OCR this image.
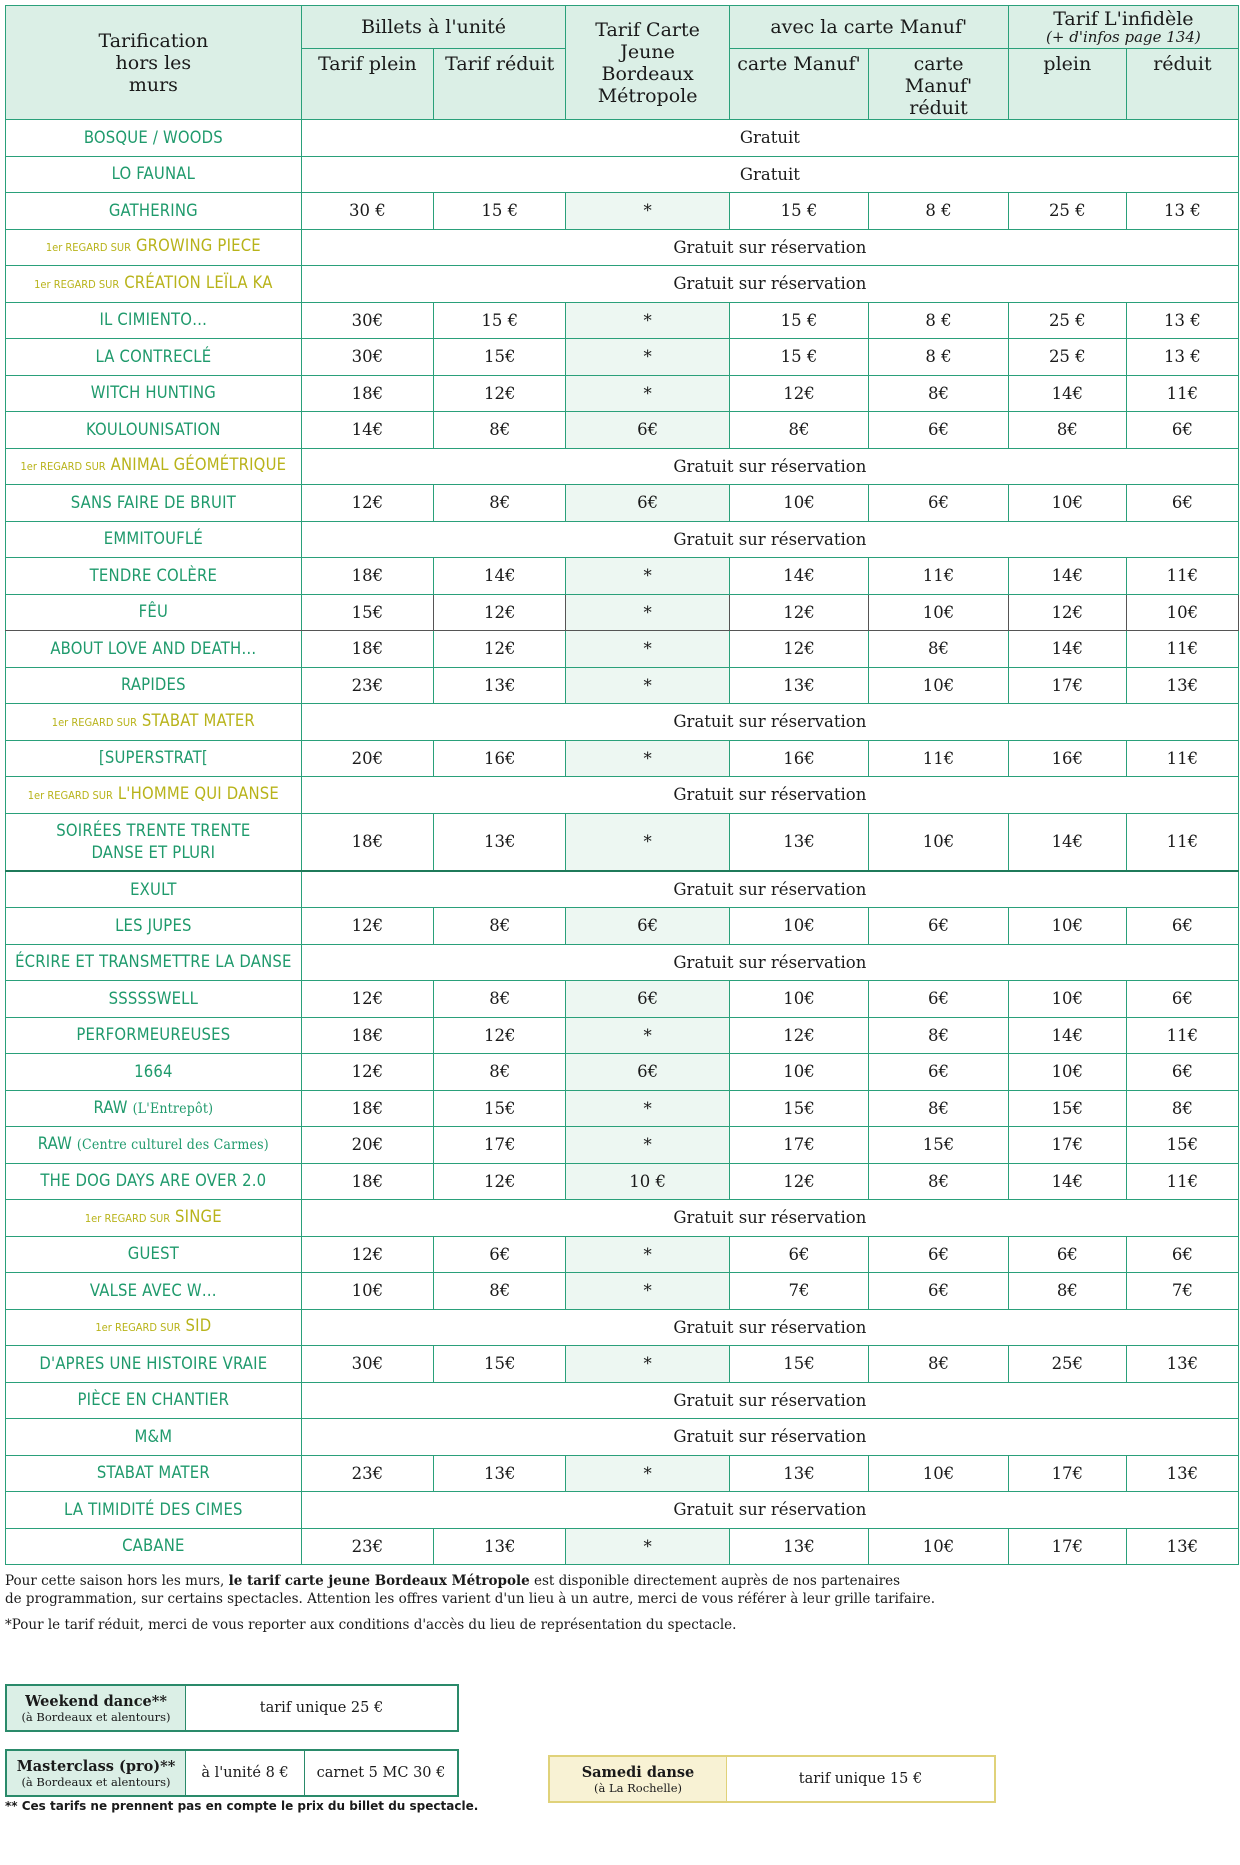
Tarification hors les murs	Billets à l'unité		Tarif Carte Jeune Bordeaux Métropole	avec la carte Manuf'		Tarif L'infidèle
(+ d'infos page 134)	

	Tarif plein	Tarif réduit		carte Manuf'	carte Manuf' réduit	plein	réduit
BOSQUE / WOODS	Gratuit						
LO FAUNAL	Gratuit						
GATHERING	30 €	15 €	*	15 €	8 €	25 €	13 €
1er REGARD SUR GROWING PIECE	Gratuit sur réservation						
1er REGARD SUR CRÉATION LEÏLA KA	Gratuit sur réservation						
IL CIMIENTO…	30€	15 €	*	15 €	8 €	25 €	13 €
LA CONTRECLÉ	30€	15€	*	15 €	8 €	25 €	13 €
WITCH HUNTING	18€	12€	*	12€	8€	14€	11€
KOULOUNISATION	14€	8€	6€	8€	6€	8€	6€
1er REGARD SUR ANIMAL GÉOMÉTRIQUE	Gratuit sur réservation						
SANS FAIRE DE BRUIT	12€	8€	6€	10€	6€	10€	6€
EMMITOUFLÉ	Gratuit sur réservation						
TENDRE COLÈRE	18€	14€	*	14€	11€	14€	11€
FÊU	15€	12€	*	12€	10€	12€	10€
ABOUT LOVE AND DEATH…	18€	12€	*	12€	8€	14€	11€
RAPIDES	23€	13€	*	13€	10€	17€	13€
1er REGARD SUR STABAT MATER	Gratuit sur réservation						
[SUPERSTRAT[	20€	16€	*	16€	11€	16€	11€
1er REGARD SUR L'HOMME QUI DANSE	Gratuit sur réservation						
SOIRÉES TRENTE TRENTE
DANSE ET PLURI	18€	13€	*	13€	10€	14€	11€
EXULT	Gratuit sur réservation						
LES JUPES	12€	8€	6€	10€	6€	10€	6€
ÉCRIRE ET TRANSMETTRE LA DANSE	Gratuit sur réservation						
SSSSSWELL	12€	8€	6€	10€	6€	10€	6€
PERFORMEUREUSES	18€	12€	*	12€	8€	14€	11€
1664	12€	8€	6€	10€	6€	10€	6€
RAW (L'Entrepôt)	18€	15€	*	15€	8€	15€	8€
RAW (Centre culturel des Carmes)	20€	17€	*	17€	15€	17€	15€
THE DOG DAYS ARE OVER 2.0	18€	12€	10 €	12€	8€	14€	11€
1er REGARD SUR SINGE	Gratuit sur réservation						
GUEST	12€	6€	*	6€	6€	6€	6€
VALSE AVEC W…	10€	8€	*	7€	6€	8€	7€
1er REGARD SUR SID	Gratuit sur réservation						
D'APRES UNE HISTOIRE VRAIE	30€	15€	*	15€	8€	25€	13€
PIÈCE EN CHANTIER	Gratuit sur réservation						
M&M	Gratuit sur réservation						
STABAT MATER	23€	13€	*	13€	10€	17€	13€
LA TIMIDITÉ DES CIMES	Gratuit sur réservation						
CABANE	23€	13€	*	13€	10€	17€	13€

Pour cette saison hors les murs, le tarif carte jeune Bordeaux Métropole est disponible directement auprès de nos partenaires

de programmation, sur certains spectacles. Attention les offres varient d'un lieu à un autre, merci de vous référer à leur grille tarifaire.

*Pour le tarif réduit, merci de vous reporter aux conditions d'accès du lieu de représentation du spectacle.

Weekend dance**
(à Bordeaux et alentours)
tarif unique 25 €
Masterclass (pro)**
(à Bordeaux et alentours)
à l'unité 8 €	carnet 5 MC 30 €	Samedi danse
(à La Rochelle)
tarif unique 15 €
** Ces tarifs ne prennent pas en compte le prix du billet du spectacle.
